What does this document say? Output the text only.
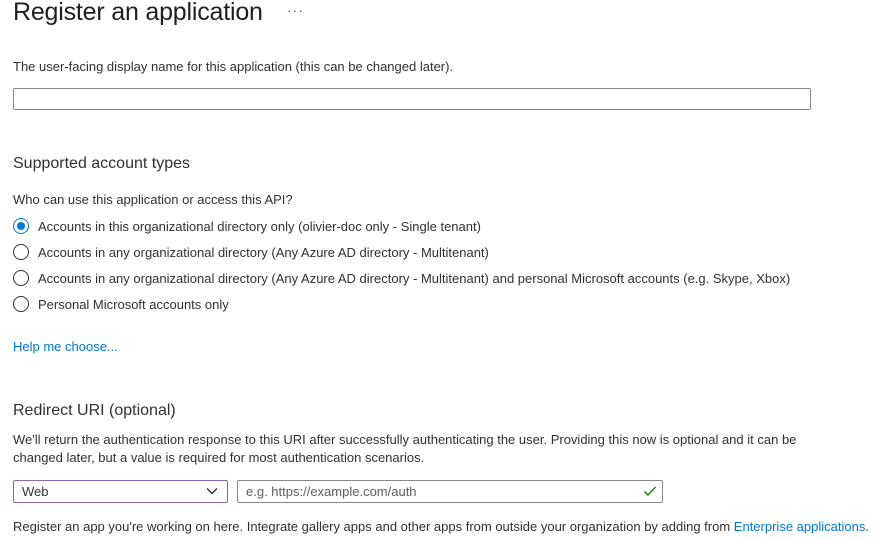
Register an application ···
The user-facing display name for this application (this can be changed later).
Supported account types
Who can use this application or access this API?
Accounts in this organizational directory only (olivier-doc only - Single tenant)
Accounts in any organizational directory (Any Azure AD directory - Multitenant)
Accounts in any organizational directory (Any Azure AD directory - Multitenant) and personal Microsoft accounts (e.g. Skype, Xbox)
Personal Microsoft accounts only
Help me choose...
Redirect URI (optional)
We'll return the authentication response to this URI after successfully authenticating the user. Providing this now is optional and it can be changed later, but a value is required for most authentication scenarios.
Web
e.g. https://example.com/auth
Register an app you're working on here. Integrate gallery apps and other apps from outside your organization by adding from Enterprise applications.
